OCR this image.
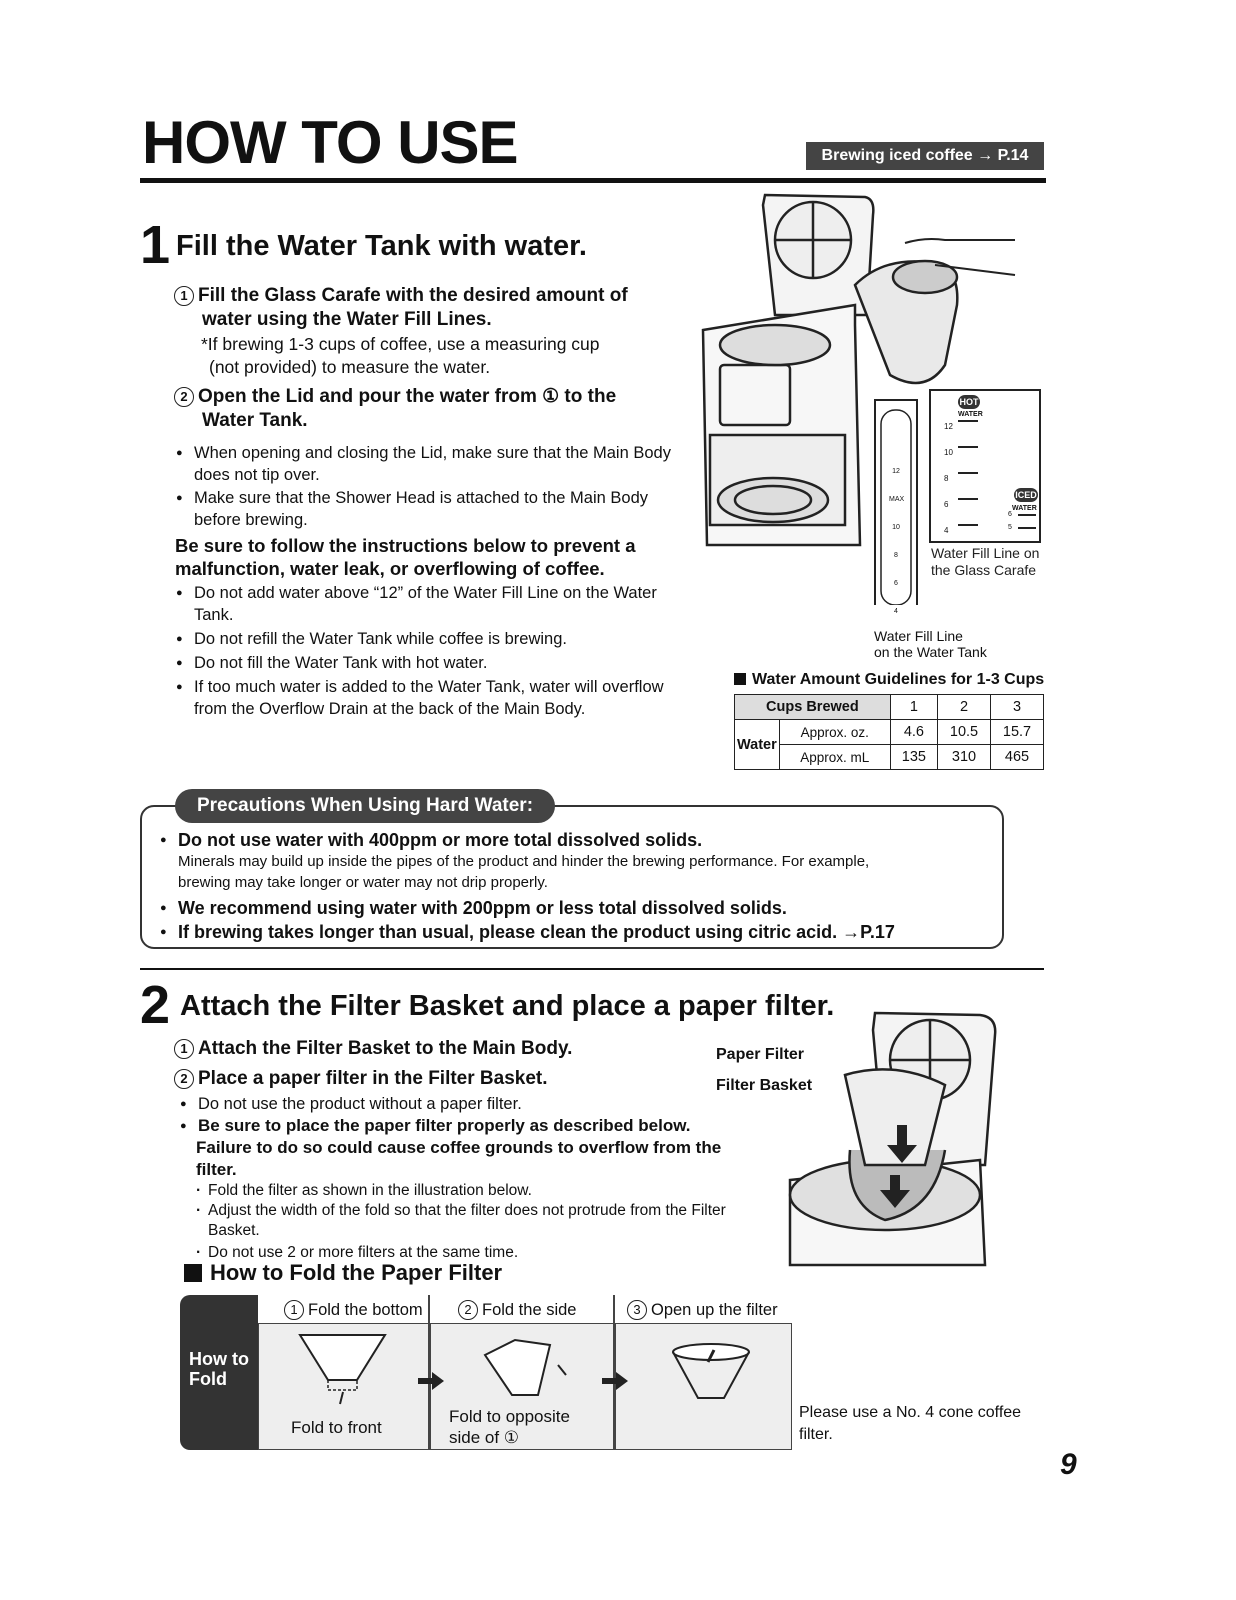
HOW TO USE	Brewing iced coffee → P.14
1 Fill the Water Tank with water.
1 Fill the Glass Carafe with the desired amount of
water using the Water Fill Lines.
*If brewing 1-3 cups of coffee, use a measuring cup
(not provided) to measure the water.
2 Open the Lid and pour the water from ① to the
Water Tank.
● When opening and closing the Lid, make sure that the Main Body does not tip over.
● Make sure that the Shower Head is attached to the Main Body before brewing.
Be sure to follow the instructions below to prevent a
malfunction, water leak, or overflowing of coffee.
● Do not add water above “12” of the Water Fill Line on the Water Tank.
● Do not refill the Water Tank while coffee is brewing.
● Do not fill the Water Tank with hot water.
● If too much water is added to the Water Tank, water will overflow from the Overflow Drain at the back of the Main Body.
HOT
WATER
ICED
WATER
12
10
8
6
4
6
5
12 MAX
10
8
6
4
Water Fill Line on the Glass Carafe
Water Fill Line
on the Water Tank
Water Amount Guidelines for 1-3 Cups
Cups Brewed		1	2	3
Water	Approx. oz.	4.6	10.5	15.7
	Approx. mL	135	310	465
Precautions When Using Hard Water:
● Do not use water with 400ppm or more total dissolved solids.
Minerals may build up inside the pipes of the product and hinder the brewing performance. For example,
brewing may take longer or water may not drip properly.
● We recommend using water with 200ppm or less total dissolved solids.
● If brewing takes longer than usual, please clean the product using citric acid. →P.17
2 Attach the Filter Basket and place a paper filter.
1 Attach the Filter Basket to the Main Body.
2 Place a paper filter in the Filter Basket.
● Do not use the product without a paper filter.
● Be sure to place the paper filter properly as described below.
Failure to do so could cause coffee grounds to overflow from the filter.
· Fold the filter as shown in the illustration below.
· Adjust the width of the fold so that the filter does not protrude from the Filter Basket.
· Do not use 2 or more filters at the same time.
Paper Filter
Filter Basket
How to Fold the Paper Filter
How to
Fold
1 Fold the bottom	2 Fold the side	3 Open up the filter
Fold to front
Fold to opposite
side of ①
Please use a No. 4 cone coffee
filter.
9
